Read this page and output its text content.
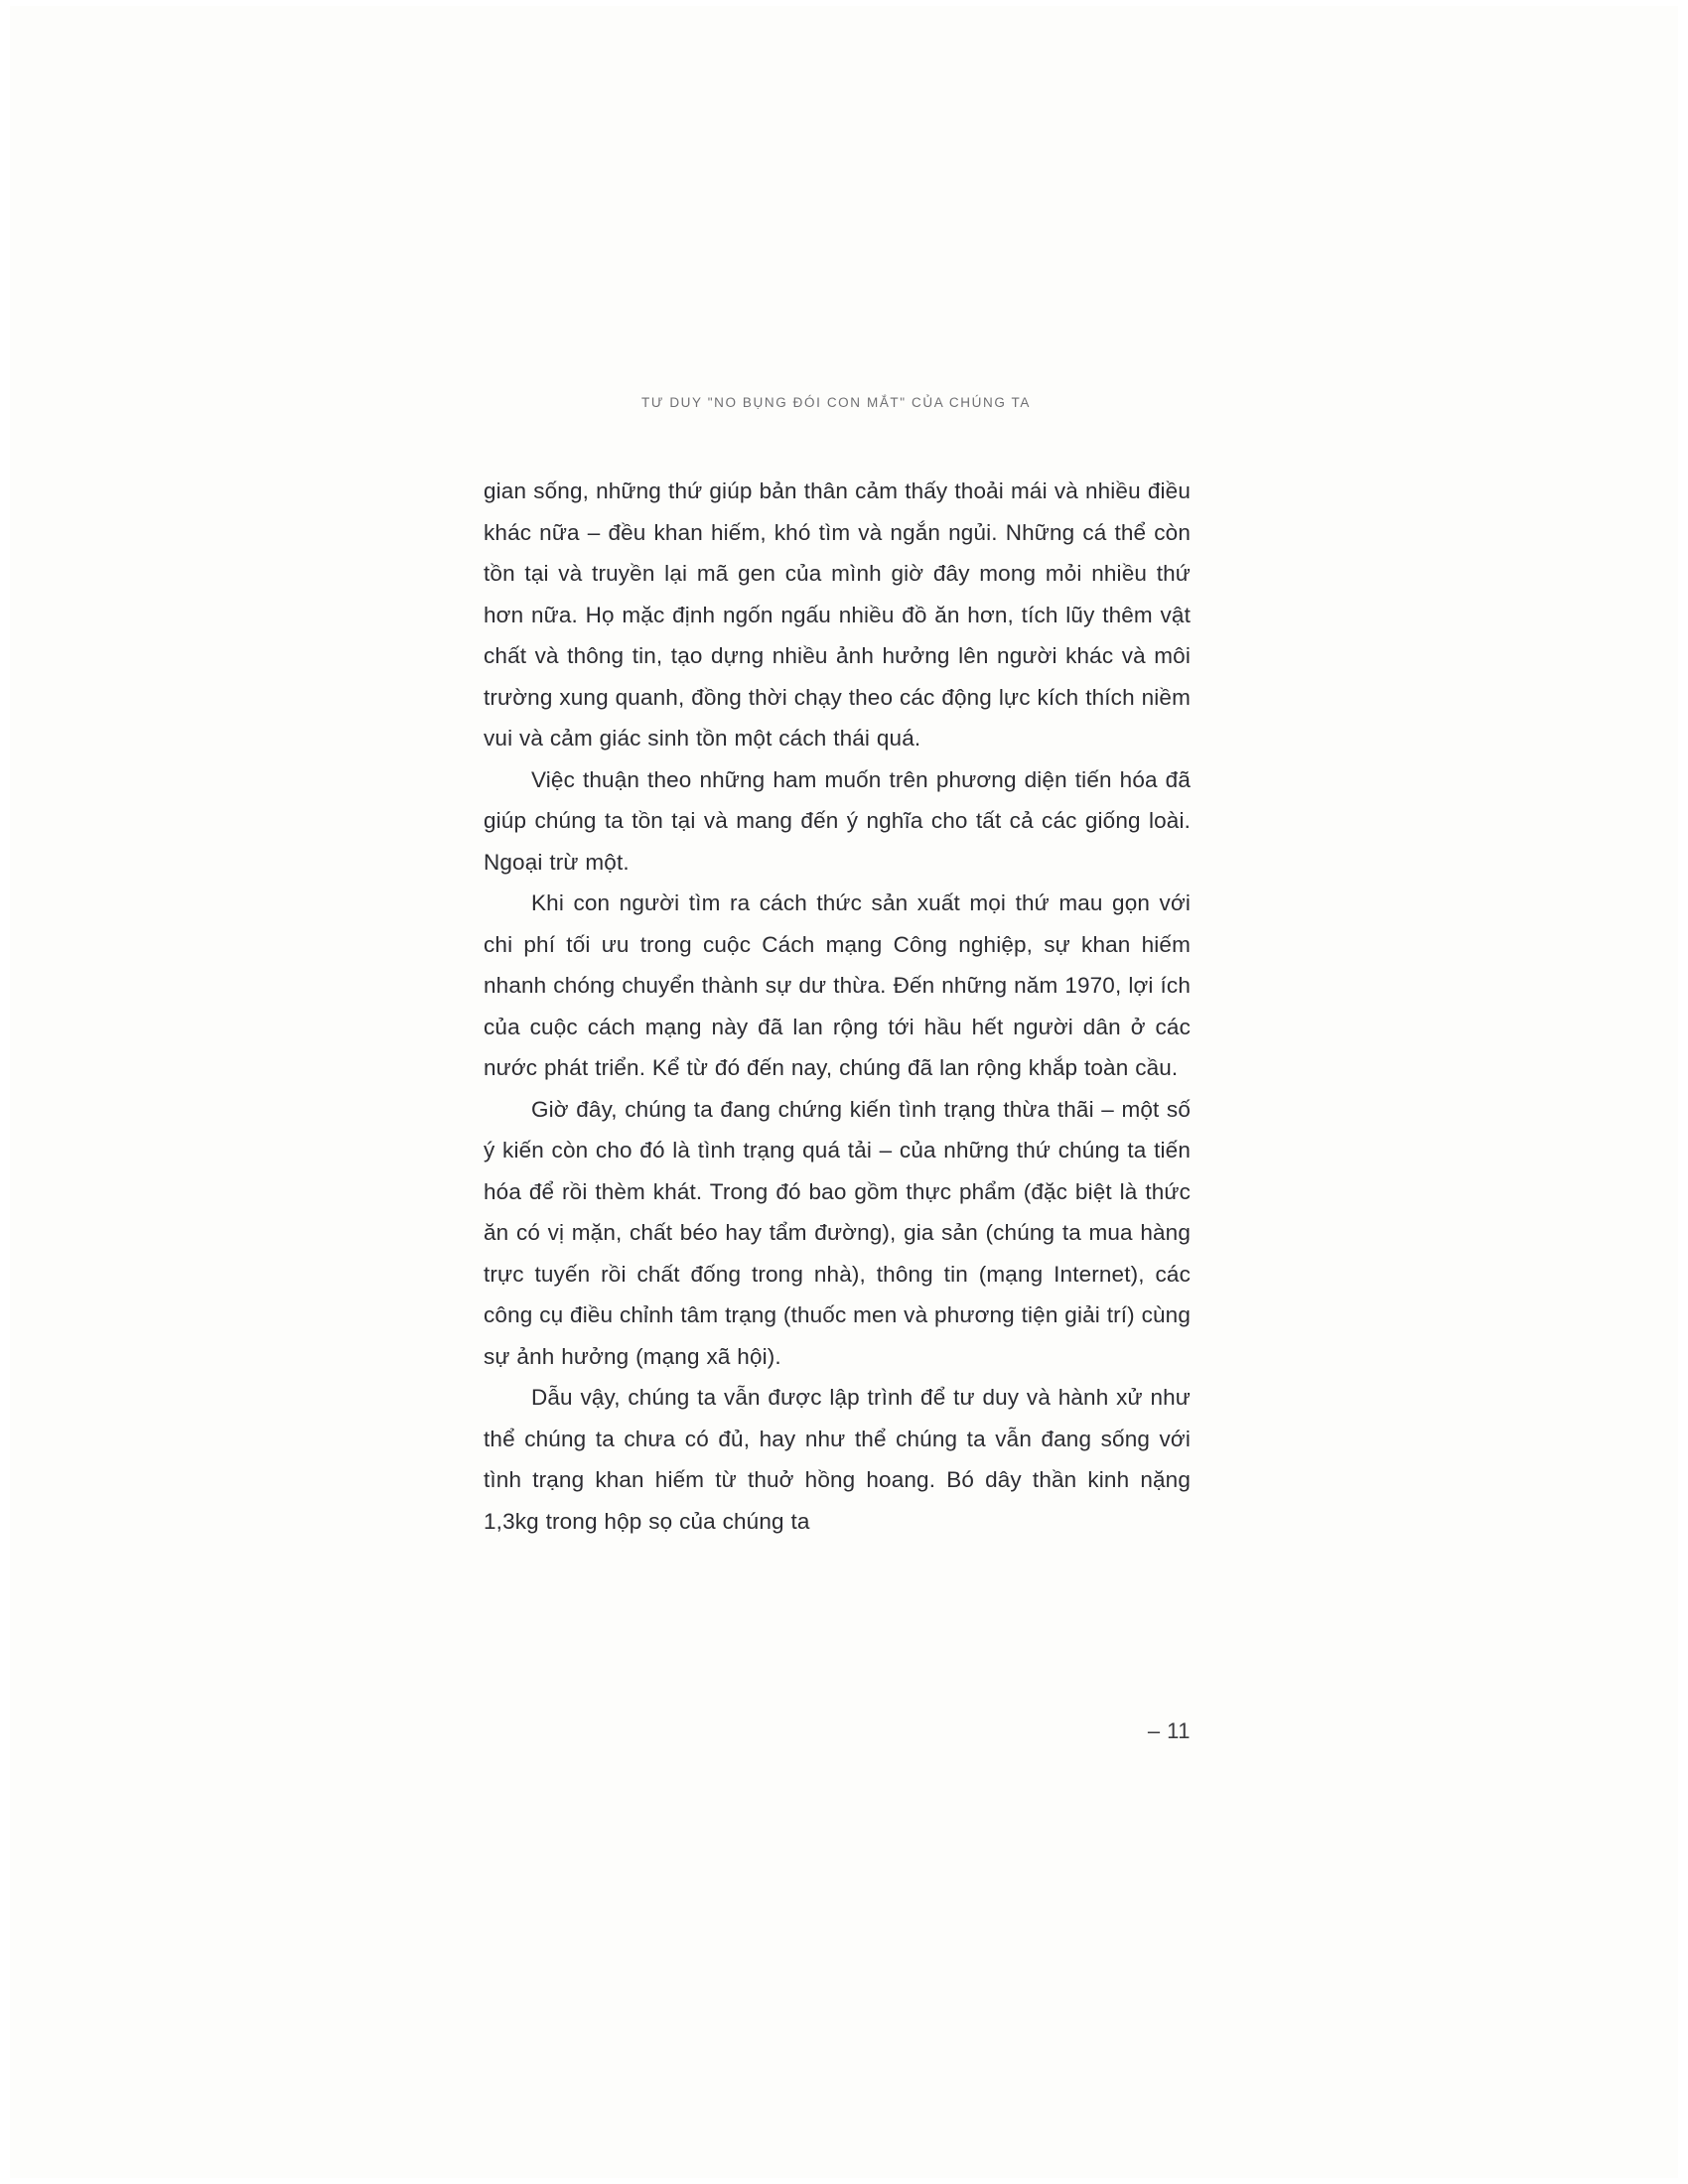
TƯ DUY "NO BỤNG ĐÓI CON MẮT" CỦA CHÚNG TA

gian sống, những thứ giúp bản thân cảm thấy thoải mái và nhiều điều khác nữa – đều khan hiếm, khó tìm và ngắn ngủi. Những cá thể còn tồn tại và truyền lại mã gen của mình giờ đây mong mỏi nhiều thứ hơn nữa. Họ mặc định ngốn ngấu nhiều đồ ăn hơn, tích lũy thêm vật chất và thông tin, tạo dựng nhiều ảnh hưởng lên người khác và môi trường xung quanh, đồng thời chạy theo các động lực kích thích niềm vui và cảm giác sinh tồn một cách thái quá.

Việc thuận theo những ham muốn trên phương diện tiến hóa đã giúp chúng ta tồn tại và mang đến ý nghĩa cho tất cả các giống loài. Ngoại trừ một.

Khi con người tìm ra cách thức sản xuất mọi thứ mau gọn với chi phí tối ưu trong cuộc Cách mạng Công nghiệp, sự khan hiếm nhanh chóng chuyển thành sự dư thừa. Đến những năm 1970, lợi ích của cuộc cách mạng này đã lan rộng tới hầu hết người dân ở các nước phát triển. Kể từ đó đến nay, chúng đã lan rộng khắp toàn cầu.

Giờ đây, chúng ta đang chứng kiến tình trạng thừa thãi – một số ý kiến còn cho đó là tình trạng quá tải – của những thứ chúng ta tiến hóa để rồi thèm khát. Trong đó bao gồm thực phẩm (đặc biệt là thức ăn có vị mặn, chất béo hay tẩm đường), gia sản (chúng ta mua hàng trực tuyến rồi chất đống trong nhà), thông tin (mạng Internet), các công cụ điều chỉnh tâm trạng (thuốc men và phương tiện giải trí) cùng sự ảnh hưởng (mạng xã hội).

Dẫu vậy, chúng ta vẫn được lập trình để tư duy và hành xử như thể chúng ta chưa có đủ, hay như thể chúng ta vẫn đang sống với tình trạng khan hiếm từ thuở hồng hoang. Bó dây thần kinh nặng 1,3kg trong hộp sọ của chúng ta

– 11
